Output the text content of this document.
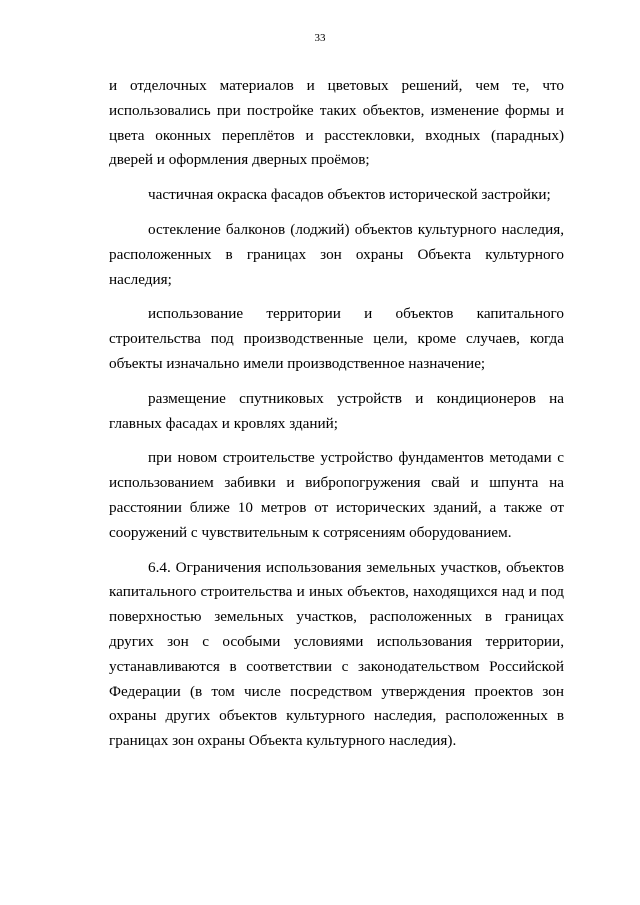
33

и отделочных материалов и цветовых решений, чем те, что использовались при постройке таких объектов, изменение формы и цвета оконных переплётов и расстекловки, входных (парадных) дверей и оформления дверных проёмов;

частичная окраска фасадов объектов исторической застройки;

остекление балконов (лоджий) объектов культурного наследия, расположенных в границах зон охраны Объекта культурного наследия;

использование территории и объектов капитального строительства под производственные цели, кроме случаев, когда объекты изначально имели производственное назначение;

размещение спутниковых устройств и кондиционеров на главных фасадах и кровлях зданий;

при новом строительстве устройство фундаментов методами с использованием забивки и вибропогружения свай и шпунта на расстоянии ближе 10 метров от исторических зданий, а также от сооружений с чувствительным к сотрясениям оборудованием.

6.4. Ограничения использования земельных участков, объектов капитального строительства и иных объектов, находящихся над и под поверхностью земельных участков, расположенных в границах других зон с особыми условиями использования территории, устанавливаются в соответствии с законодательством Российской Федерации (в том числе посредством утверждения проектов зон охраны других объектов культурного наследия, расположенных в границах зон охраны Объекта культурного наследия).
